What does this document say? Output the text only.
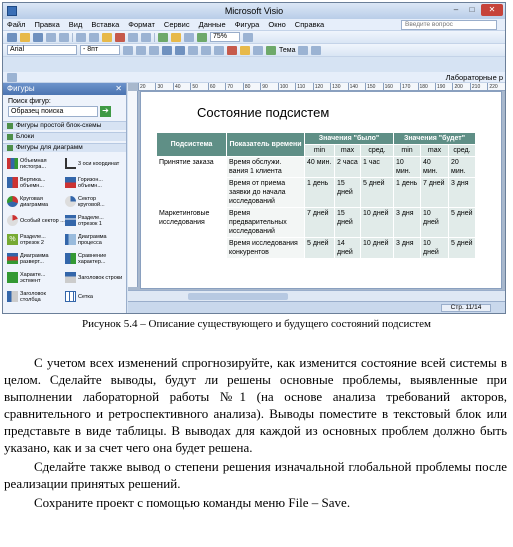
Microsoft Visio	–	□	✕
Файл Правка Вид Вставка Формат Сервис Данные Фигура Окно Справка	Введите вопрос
75%
Arial	- 8пт	Тема
Лабораторные р
Фигуры	✕
Поиск фигур:
Образец поиска	➔
Фигуры простой блок-схемы
Блоки
Фигуры для диаграмм
Объемная гистогра...	3 оси координат
Вертика... объемн...
Горизон... объемн...
Круговая диаграмма
Сектор круговой...
Особый сектор ... Разделе... отрезок 1
% Разделе... отрезок 2
Диаграмма процесса
Диаграмма разверт...
Сравнение характер...
Характе... эстмент	Заголовок строки
Заголовок столбца	Сетка
20	30	40	50	60	70	80	90	100	110	120	130	140	150	160	170	180	190	200	210	220
Состояние подсистем
Подсистема	Показатель времени	Значения "было"			Значения "будет"		
		min	max	сред.	min	max	сред.
Принятие заказа	Время обслужи. вания 1 клиента	40 мин.	2 часа	1 час	10 мин.	40 мин.	20 мин.
	Время от приема заявки до начала исследований	1 день	15 дней	5 дней	1 день	7 дней	3 дня
Маркетинговые исследования	Время предварительных исследований	7 дней	15 дней	10 дней	3 дня	10 дней	5 дней
	Время исследования конкурентов	5 дней	14 дней	10 дней	3 дня	10 дней	5 дней
Стр. 11/14
Рисунок 5.4 – Описание существующего и будущего состояний подсистем

С учетом всех изменений спрогнозируйте, как изменится состояние всей системы в целом. Сделайте выводы, будут ли решены основные проблемы, выявленные при выполнении лабораторной работы №1 (на основе анализа требований акторов, сравнительного и ретроспективного анализа). Выводы поместите в текстовый блок или представьте в виде таблицы. В выводах для каждой из основных проблем должно быть указано, как и за счет чего она будет решена.

Сделайте также вывод о степени решения изначальной глобальной проблемы после реализации принятых решений.

Сохраните проект с помощью команды меню File – Save.
